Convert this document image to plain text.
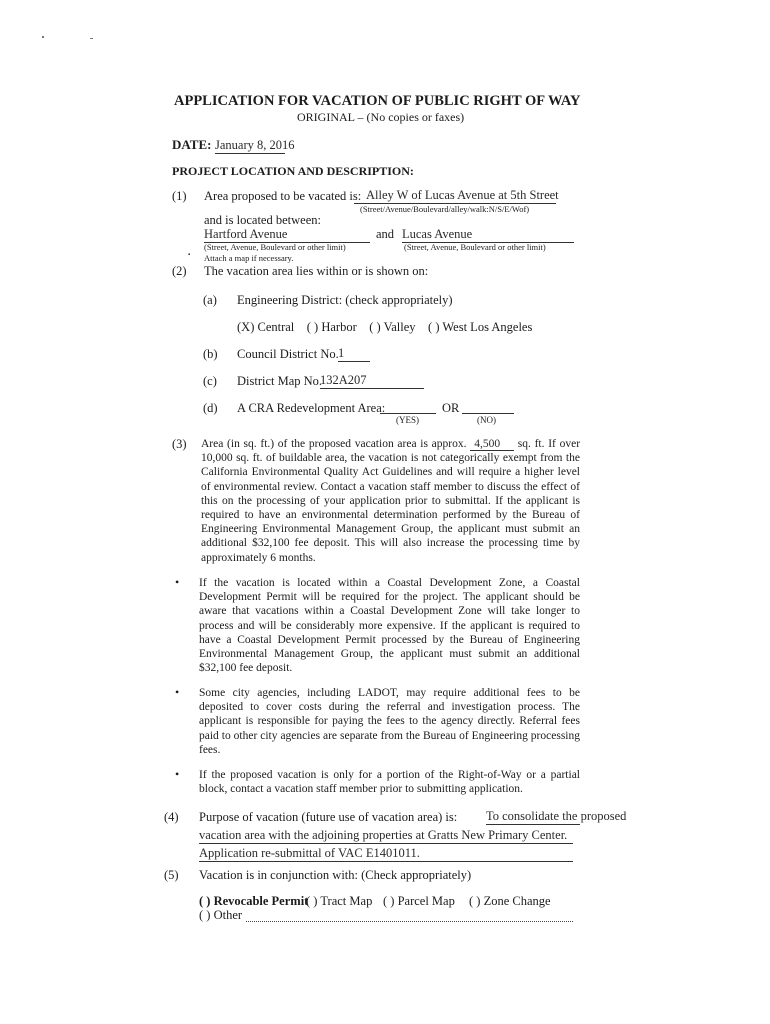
APPLICATION FOR VACATION OF PUBLIC RIGHT OF WAY
ORIGINAL – (No copies or faxes)
DATE: January 8, 2016
PROJECT LOCATION AND DESCRIPTION:
(1) Area proposed to be vacated is: Alley W of Lucas Avenue at 5th Street
(Street/Avenue/Boulevard/alley/walk:N/S/E/Wof)
and is located between:
Hartford Avenue	and Lucas Avenue
(Street, Avenue, Boulevard or other limit)	(Street, Avenue, Boulevard or other limit)
▪ Attach a map if necessary.
(2) The vacation area lies within or is shown on:
(a) Engineering District: (check appropriately)
(X) Central    ( ) Harbor    ( ) Valley    ( ) West Los Angeles
(b) Council District No. 1
(c) District Map No.
132A207
(d) A CRA Redevelopment Area:	OR
(YES)	(NO)
(3) Area (in sq. ft.) of the proposed vacation area is approx. 4,500 sq. ft. If over 10,000 sq. ft. of buildable area, the vacation is not categorically exempt from the California Environmental Quality Act Guidelines and will require a higher level of environmental review. Contact a vacation staff member to discuss the effect of this on the processing of your application prior to submittal. If the applicant is required to have an environmental determination performed by the Bureau of Engineering Environmental Management Group, the applicant must submit an additional $32,100 fee deposit. This will also increase the processing time by approximately 6 months.
• If the vacation is located within a Coastal Development Zone, a Coastal Development Permit will be required for the project. The applicant should be aware that vacations within a Coastal Development Zone will take longer to process and will be considerably more expensive. If the applicant is required to have a Coastal Development Permit processed by the Bureau of Engineering Environmental Management Group, the applicant must submit an additional $32,100 fee deposit.
• Some city agencies, including LADOT, may require additional fees to be deposited to cover costs during the referral and investigation process. The applicant is responsible for paying the fees to the agency directly. Referral fees paid to other city agencies are separate from the Bureau of Engineering processing fees.
• If the proposed vacation is only for a portion of the Right-of-Way or a partial block, contact a vacation staff member prior to submitting application.
(4) Purpose of vacation (future use of vacation area) is: To consolidate the proposed
vacation area with the adjoining properties at Gratts New Primary Center.
Application re-submittal of VAC E1401011.
(5) Vacation is in conjunction with: (Check appropriately)
( ) Revocable Permit
( ) Tract Map ( ) Parcel Map ( ) Zone Change
( ) Other
